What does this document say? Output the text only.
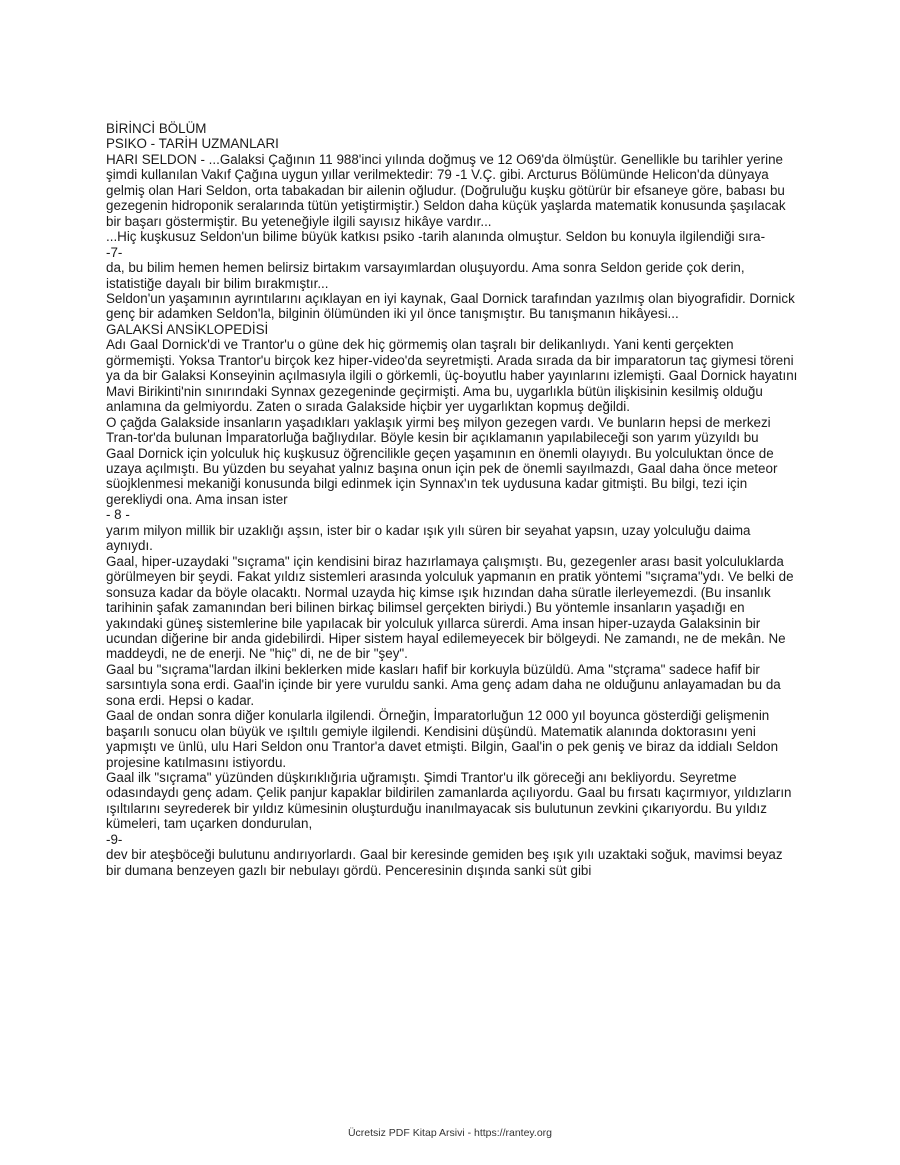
BİRİNCİ BÖLÜM

PSIKO - TARİH UZMANLARI

HARI SELDON - ...Galaksi Çağının 11 988'inci yılında doğmuş ve 12 O69'da ölmüştür. Genellikle bu tarihler yerine şimdi kullanılan Vakıf Çağına uygun yıllar verilmektedir: 79 -1 V.Ç. gibi. Arcturus Bölümünde Helicon'da dünyaya gelmiş olan Hari Seldon, orta tabakadan bir ailenin oğludur. (Doğruluğu kuşku götürür bir efsaneye göre, babası bu gezegenin hidroponik seralarında tütün yetiştirmiştir.) Seldon daha küçük yaşlarda matematik konusunda şaşılacak bir başarı göstermiştir. Bu yeteneğiyle ilgili sayısız hikâye vardır...

...Hiç kuşkusuz Seldon'un bilime büyük katkısı psiko -tarih alanında olmuştur. Seldon bu konuyla ilgilendiği sıra-

-7-

da, bu bilim hemen hemen belirsiz birtakım varsayımlardan oluşuyordu. Ama sonra Seldon geride çok derin, istatistiğe dayalı bir bilim bırakmıştır...

Seldon'un yaşamının ayrıntılarını açıklayan en iyi kaynak, Gaal Dornick tarafından yazılmış olan biyografidir. Dornick genç bir adamken Seldon'la, bilginin ölümünden iki yıl önce tanışmıştır. Bu tanışmanın hikâyesi...

GALAKSİ ANSİKLOPEDİSİ

Adı Gaal Dornick'di ve Trantor'u o güne dek hiç görmemiş olan taşralı bir delikanlıydı. Yani kenti gerçekten görmemişti. Yoksa Trantor'u birçok kez hiper-video'da seyretmişti. Arada sırada da bir imparatorun taç giymesi töreni ya da bir Galaksi Konseyinin açılmasıyla ilgili o görkemli, üç-boyutlu haber yayınlarını izlemişti. Gaal Dornick hayatını Mavi Birikinti'nin sınırındaki Synnax gezegeninde geçirmişti. Ama bu, uygarlıkla bütün ilişkisinin kesilmiş olduğu anlamına da gelmiyordu. Zaten o sırada Galakside hiçbir yer uygarlıktan kopmuş değildi.

O çağda Galakside insanların yaşadıkları yaklaşık yirmi beş milyon gezegen vardı. Ve bunların hepsi de merkezi Tran-tor'da bulunan İmparatorluğa bağlıydılar. Böyle kesin bir açıklamanın yapılabileceği son yarım yüzyıldı bu

Gaal Dornick için yolculuk hiç kuşkusuz öğrencilikle geçen yaşamının en önemli olayıydı. Bu yolculuktan önce de uzaya açılmıştı. Bu yüzden bu seyahat yalnız başına onun için pek de önemli sayılmazdı, Gaal daha önce meteor süojklenmesi mekaniği konusunda bilgi edinmek için Synnax'ın tek uydusuna kadar gitmişti. Bu bilgi, tezi için gerekliydi ona. Ama insan ister

- 8 -

yarım milyon millik bir uzaklığı aşsın, ister bir o kadar ışık yılı süren bir seyahat yapsın, uzay yolculuğu daima aynıydı.

Gaal, hiper-uzaydaki "sıçrama" için kendisini biraz hazırlamaya çalışmıştı. Bu, gezegenler arası basit yolculuklarda görülmeyen bir şeydi. Fakat yıldız sistemleri arasında yolculuk yapmanın en pratik yöntemi "sıçrama"ydı. Ve belki de sonsuza kadar da böyle olacaktı. Normal uzayda hiç kimse ışık hızından daha süratle ilerleyemezdi. (Bu insanlık tarihinin şafak zamanından beri bilinen birkaç bilimsel gerçekten biriydi.) Bu yöntemle insanların yaşadığı en yakındaki güneş sistemlerine bile yapılacak bir yolculuk yıllarca sürerdi. Ama insan hiper-uzayda Galaksinin bir ucundan diğerine bir anda gidebilirdi. Hiper sistem hayal edilemeyecek bir bölgeydi. Ne zamandı, ne de mekân. Ne maddeydi, ne de enerji. Ne "hiç" di, ne de bir "şey".

Gaal bu "sıçrama"lardan ilkini beklerken mide kasları hafif bir korkuyla büzüldü. Ama "stçrama" sadece hafif bir sarsıntıyla sona erdi. Gaal'in içinde bir yere vuruldu sanki. Ama genç adam daha ne olduğunu anlayamadan bu da sona erdi. Hepsi o kadar.

Gaal de ondan sonra diğer konularla ilgilendi. Örneğin, İmparatorluğun 12 000 yıl boyunca gösterdiği gelişmenin başarılı sonucu olan büyük ve ışıltılı gemiyle ilgilendi. Kendisini düşündü. Matematik alanında doktorasını yeni yapmıştı ve ünlü, ulu Hari Seldon onu Trantor'a davet etmişti. Bilgin, Gaal'in o pek geniş ve biraz da iddialı Seldon projesine katılmasını istiyordu.

Gaal ilk "sıçrama" yüzünden düşkırıklığıria uğramıştı. Şimdi Trantor'u ilk göreceği anı bekliyordu. Seyretme odasındaydı genç adam. Çelik panjur kapaklar bildirilen zamanlarda açılıyordu. Gaal bu fırsatı kaçırmıyor, yıldızların ışıltılarını seyrederek bir yıldız kümesinin oluşturduğu inanılmayacak sis bulutunun zevkini çıkarıyordu. Bu yıldız kümeleri, tam uçarken dondurulan,

-9-

dev bir ateşböceği bulutunu andırıyorlardı. Gaal bir keresinde gemiden beş ışık yılı uzaktaki soğuk, mavimsi beyaz bir dumana benzeyen gazlı bir nebulayı gördü. Penceresinin dışında sanki süt gibi

Ücretsiz PDF Kitap Arsivi - https://rantey.org
